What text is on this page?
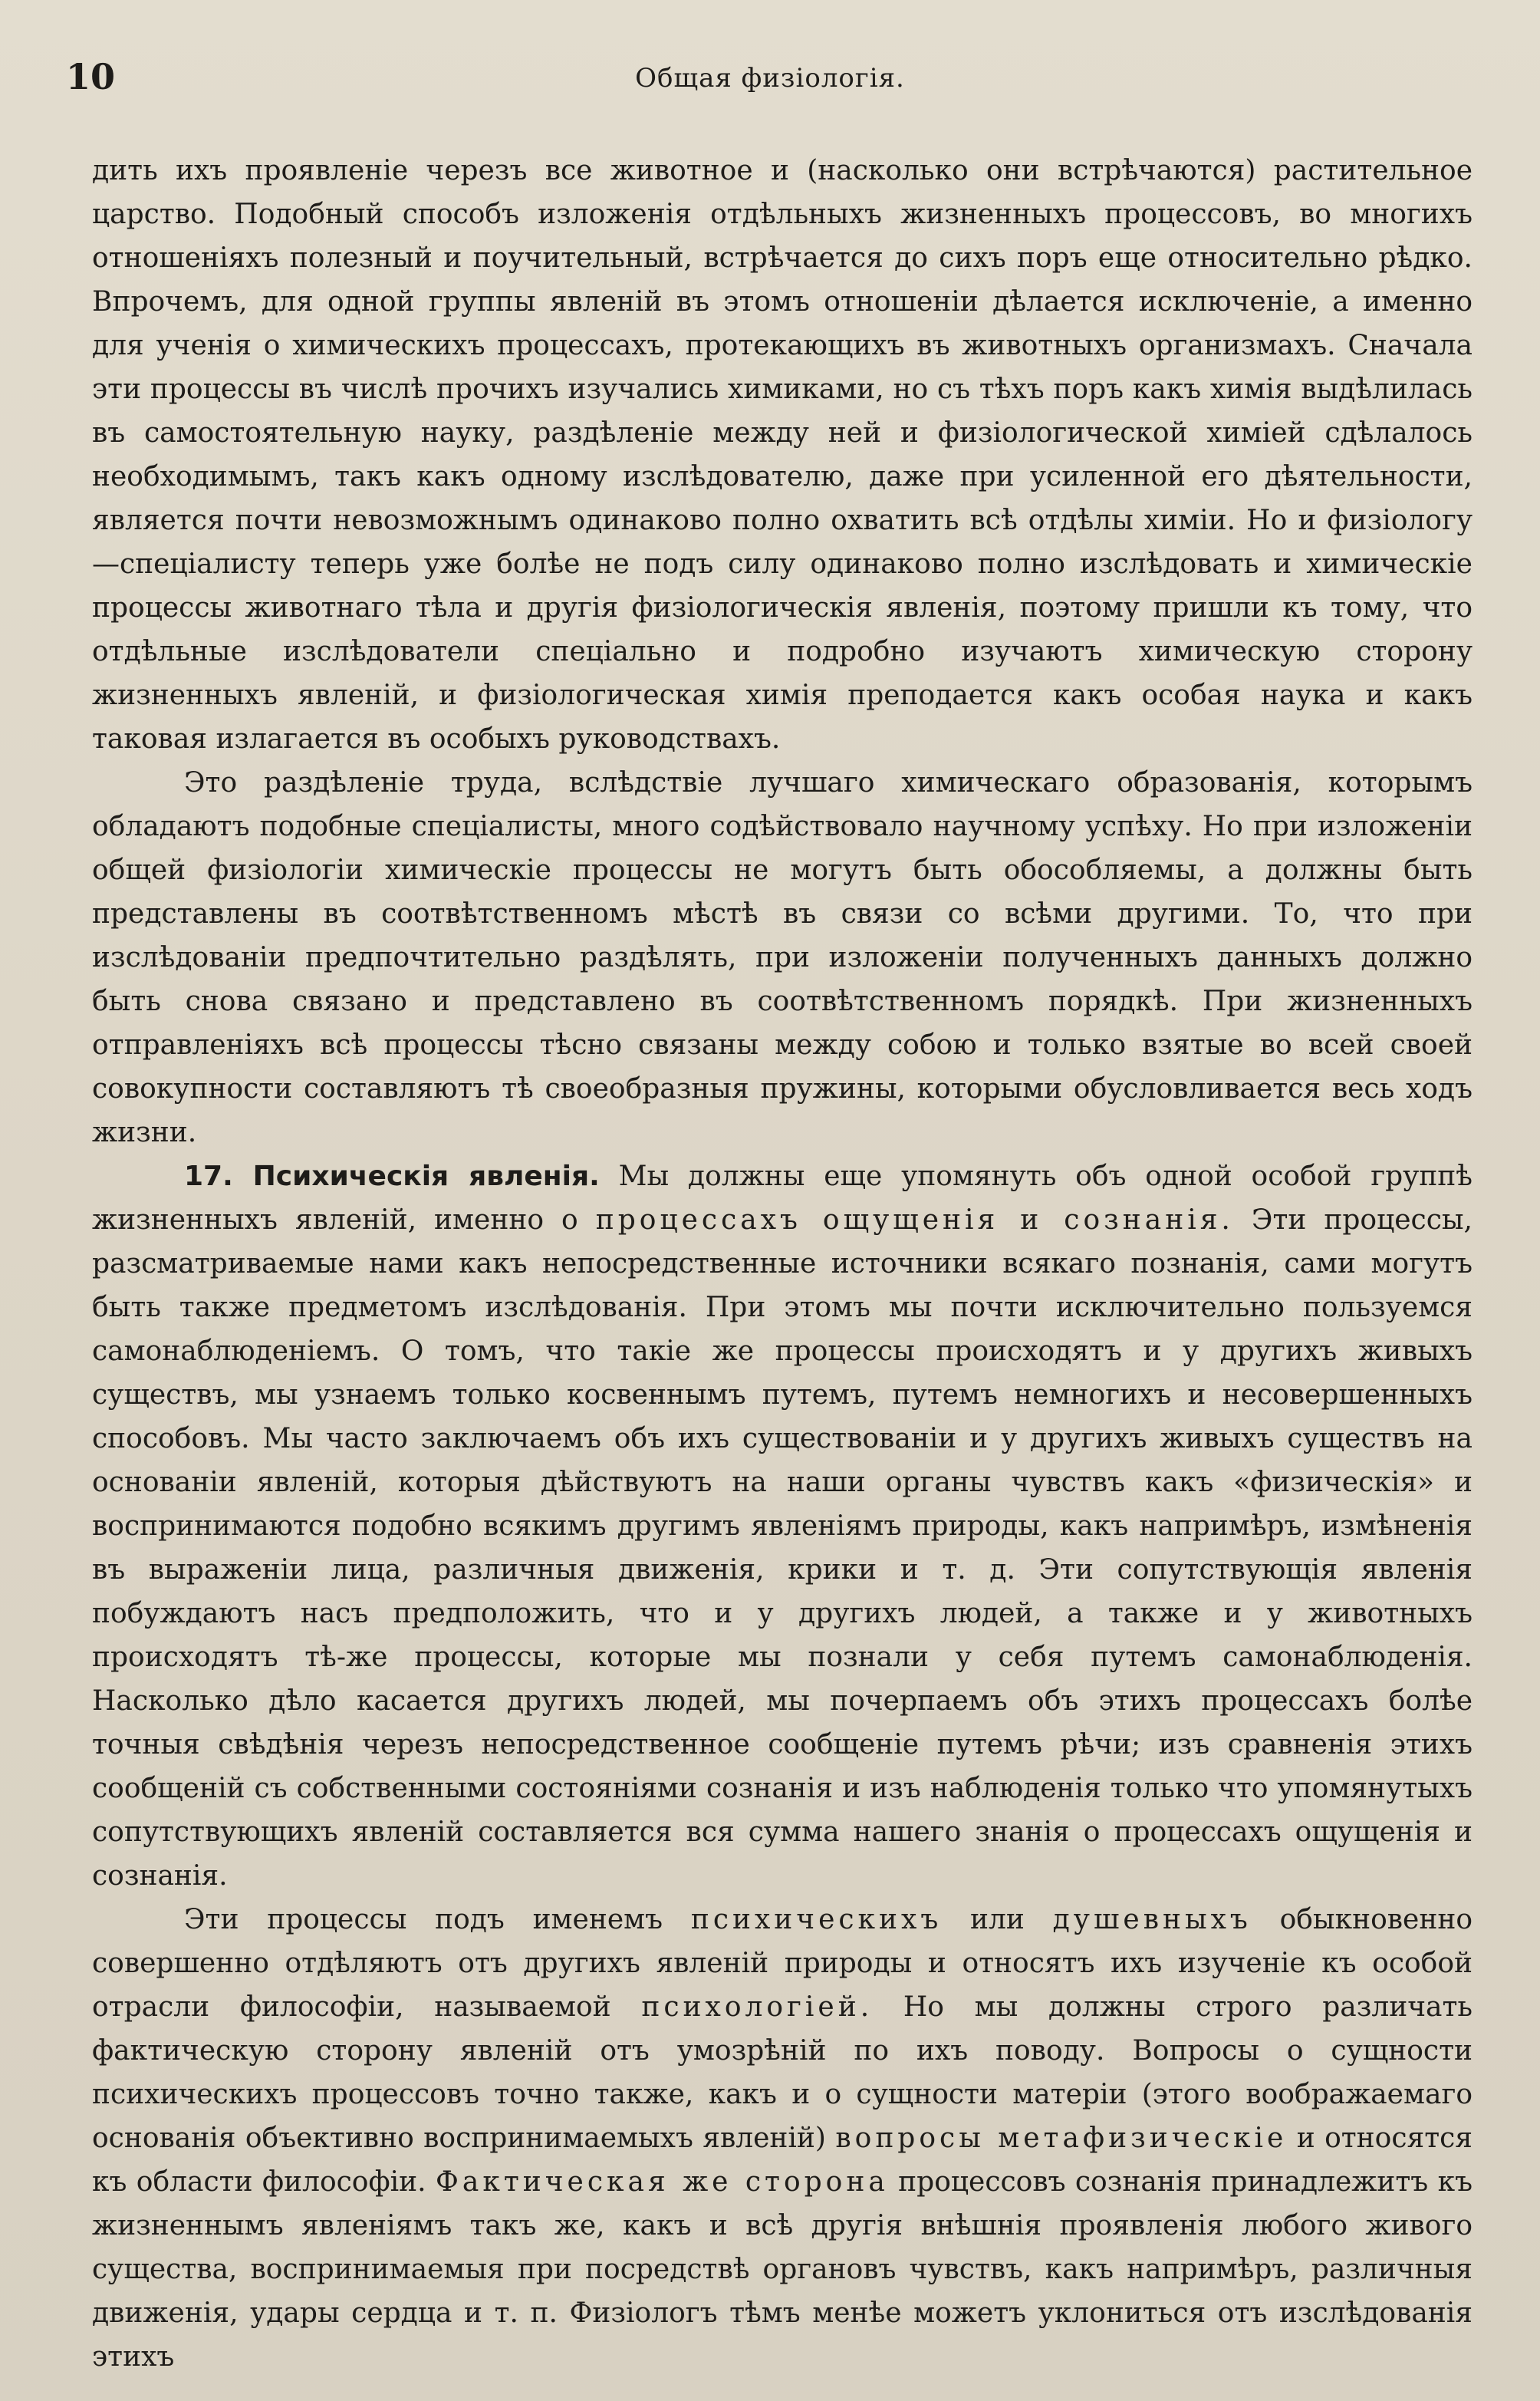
10	Общая физiологiя.

дить ихъ проявленіе черезъ все животное и (насколько они встрѣчаются) растительное царство. Подобный способъ изложенія отдѣльныхъ жизненныхъ процессовъ, во многихъ отношеніяхъ полезный и поучительный, встрѣчается до сихъ поръ еще относительно рѣдко. Впрочемъ, для одной группы явленій въ этомъ отношеніи дѣлается исключеніе, а именно для ученія о химическихъ процессахъ, протекающихъ въ животныхъ организмахъ. Сначала эти процессы въ числѣ прочихъ изучались химиками, но съ тѣхъ поръ какъ химія выдѣлилась въ самостоятельную науку, раздѣленіе между ней и физіологической химіей сдѣлалось необходимымъ, такъ какъ одному изслѣдователю, даже при усиленной его дѣятельности, является почти невозможнымъ одинаково полно охватить всѣ отдѣлы химіи. Но и физіологу—спеціалисту теперь уже болѣе не подъ силу одинаково полно изслѣдовать и химическіе процессы животнаго тѣла и другія физіологическія явленія, поэтому пришли къ тому, что отдѣльные изслѣдователи спеціально и подробно изучаютъ химическую сторону жизненныхъ явленій, и физіологическая химія преподается какъ особая наука и какъ таковая излагается въ особыхъ руководствахъ.

Это раздѣленіе труда, вслѣдствіе лучшаго химическаго образованія, которымъ обладаютъ подобные спеціалисты, много содѣйствовало научному успѣху. Но при изложеніи общей физіологіи химическіе процессы не могутъ быть обособляемы, а должны быть представлены въ соотвѣтственномъ мѣстѣ въ связи со всѣми другими. То, что при изслѣдованіи предпочтительно раздѣлять, при изложеніи полученныхъ данныхъ должно быть снова связано и представлено въ соотвѣтственномъ порядкѣ. При жизненныхъ отправленіяхъ всѣ процессы тѣсно связаны между собою и только взятые во всей своей совокупности составляютъ тѣ своеобразныя пружины, которыми обусловливается весь ходъ жизни.

17. Психическія явленія. Мы должны еще упомянуть объ одной особой группѣ жизненныхъ явленій, именно о процессахъ ощущенія и сознанія. Эти процессы, разсматриваемые нами какъ непосредственные источники всякаго познанія, сами могутъ быть также предметомъ изслѣдованія. При этомъ мы почти исключительно пользуемся самонаблюденіемъ. О томъ, что такіе же процессы происходятъ и у другихъ живыхъ существъ, мы узнаемъ только косвеннымъ путемъ, путемъ немногихъ и несовершенныхъ способовъ. Мы часто заключаемъ объ ихъ существованіи и у другихъ живыхъ существъ на основаніи явленій, которыя дѣйствуютъ на наши органы чувствъ какъ «физическія» и воспринимаются подобно всякимъ другимъ явленіямъ природы, какъ напримѣръ, измѣненія въ выраженіи лица, различныя движенія, крики и т. д. Эти сопутствующія явленія побуждаютъ насъ предположить, что и у другихъ людей, а также и у животныхъ происходятъ тѣ-же процессы, которые мы познали у себя путемъ самонаблюденія. Насколько дѣло касается другихъ людей, мы почерпаемъ объ этихъ процессахъ болѣе точныя свѣдѣнія черезъ непосредственное сообщеніе путемъ рѣчи; изъ сравненія этихъ сообщеній съ собственными состояніями сознанія и изъ наблюденія только что упомянутыхъ сопутствующихъ явленій составляется вся сумма нашего знанія о процессахъ ощущенія и сознанія.

Эти процессы подъ именемъ психическихъ или душевныхъ обыкновенно совершенно отдѣляютъ отъ другихъ явленій природы и относятъ ихъ изученіе къ особой отрасли философіи, называемой психологіей. Но мы должны строго различать фактическую сторону явленій отъ умозрѣній по ихъ поводу. Вопросы о сущности психическихъ процессовъ точно также, какъ и о сущности матеріи (этого воображаемаго основанія объективно воспринимаемыхъ явленій) вопросы метафизическіе и относятся къ области философіи. Фактическая же сторона процессовъ сознанія принадлежитъ къ жизненнымъ явленіямъ такъ же, какъ и всѣ другія внѣшнія проявленія любого живого существа, воспринимаемыя при посредствѣ органовъ чувствъ, какъ напримѣръ, различныя движенія, удары сердца и т. п. Физіологъ тѣмъ менѣе можетъ уклониться отъ изслѣдованія этихъ
